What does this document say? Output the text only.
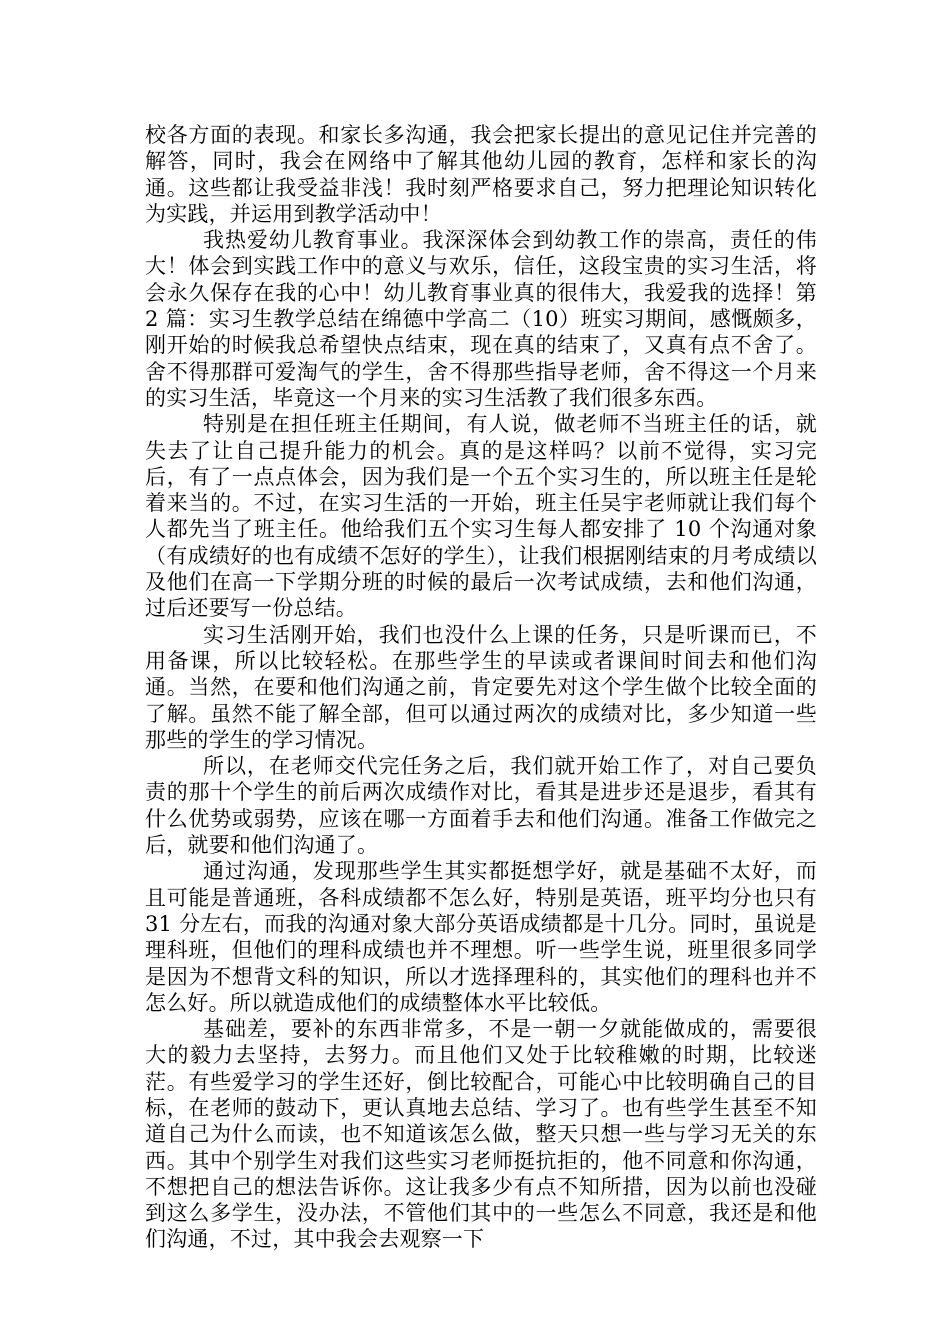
校各方面的表现。和家长多沟通，我会把家长提出的意见记住并完善的解答，同时，我会在网络中了解其他幼儿园的教育，怎样和家长的沟通。这些都让我受益非浅！我时刻严格要求自己，努力把理论知识转化为实践，并运用到教学活动中！

我热爱幼儿教育事业。我深深体会到幼教工作的崇高，责任的伟大！体会到实践工作中的意义与欢乐，信任，这段宝贵的实习生活，将会永久保存在我的心中！幼儿教育事业真的很伟大，我爱我的选择！第 2 篇：实习生教学总结在绵德中学高二（10）班实习期间，感慨颇多，刚开始的时候我总希望快点结束，现在真的结束了，又真有点不舍了。舍不得那群可爱淘气的学生，舍不得那些指导老师，舍不得这一个月来的实习生活，毕竟这一个月来的实习生活教了我们很多东西。

特别是在担任班主任期间，有人说，做老师不当班主任的话，就失去了让自己提升能力的机会。真的是这样吗？以前不觉得，实习完后，有了一点点体会，因为我们是一个五个实习生的，所以班主任是轮着来当的。不过，在实习生活的一开始，班主任吴宇老师就让我们每个人都先当了班主任。他给我们五个实习生每人都安排了 10 个沟通对象（有成绩好的也有成绩不怎好的学生），让我们根据刚结束的月考成绩以及他们在高一下学期分班的时候的最后一次考试成绩，去和他们沟通，过后还要写一份总结。

实习生活刚开始，我们也没什么上课的任务，只是听课而已，不用备课，所以比较轻松。在那些学生的早读或者课间时间去和他们沟通。当然，在要和他们沟通之前，肯定要先对这个学生做个比较全面的了解。虽然不能了解全部，但可以通过两次的成绩对比，多少知道一些那些的学生的学习情况。

所以，在老师交代完任务之后，我们就开始工作了，对自己要负责的那十个学生的前后两次成绩作对比，看其是进步还是退步，看其有什么优势或弱势，应该在哪一方面着手去和他们沟通。准备工作做完之后，就要和他们沟通了。

通过沟通，发现那些学生其实都挺想学好，就是基础不太好，而且可能是普通班，各科成绩都不怎么好，特别是英语，班平均分也只有 31 分左右，而我的沟通对象大部分英语成绩都是十几分。同时，虽说是理科班，但他们的理科成绩也并不理想。听一些学生说，班里很多同学是因为不想背文科的知识，所以才选择理科的，其实他们的理科也并不怎么好。所以就造成他们的成绩整体水平比较低。

基础差，要补的东西非常多，不是一朝一夕就能做成的，需要很大的毅力去坚持，去努力。而且他们又处于比较稚嫩的时期，比较迷茫。有些爱学习的学生还好，倒比较配合，可能心中比较明确自己的目标，在老师的鼓动下，更认真地去总结、学习了。也有些学生甚至不知道自己为什么而读，也不知道该怎么做，整天只想一些与学习无关的东西。其中个别学生对我们这些实习老师挺抗拒的，他不同意和你沟通，不想把自己的想法告诉你。这让我多少有点不知所措，因为以前也没碰到这么多学生，没办法，不管他们其中的一些怎么不同意，我还是和他们沟通，不过，其中我会去观察一下
